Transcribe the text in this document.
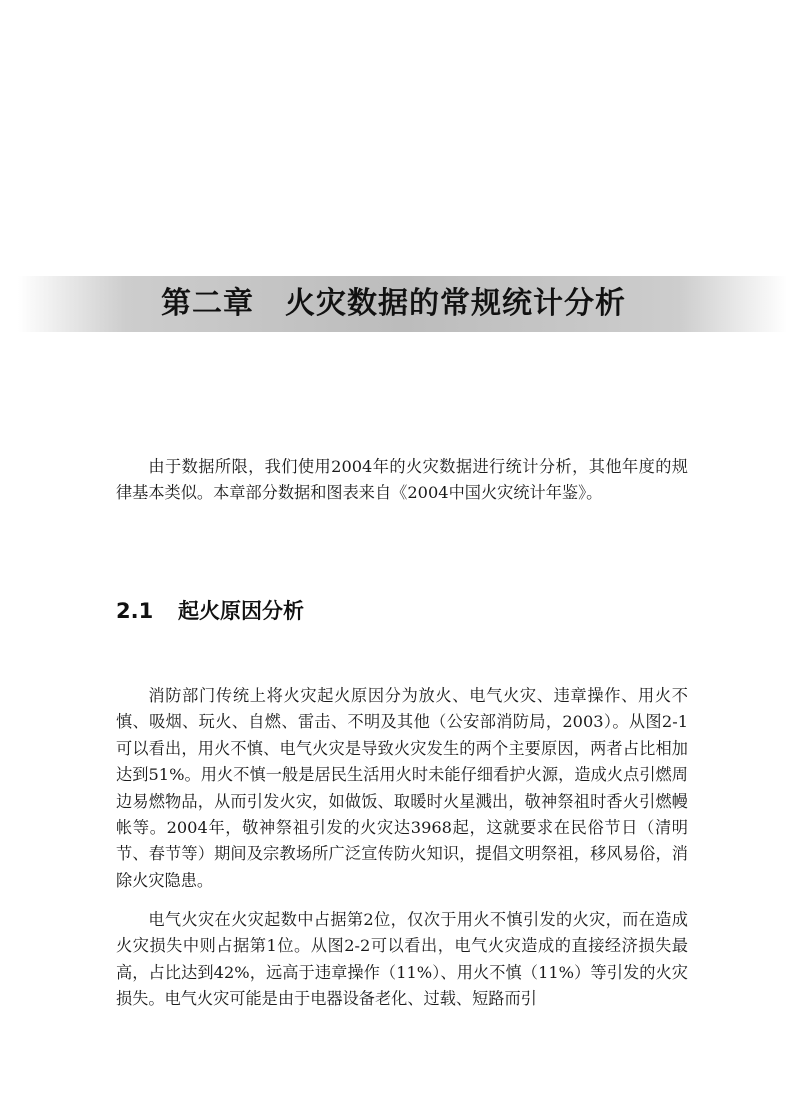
第二章　火灾数据的常规统计分析

由于数据所限，我们使用2004年的火灾数据进行统计分析，其他年度的规律基本类似。本章部分数据和图表来自《2004中国火灾统计年鉴》。

2.1 起火原因分析

消防部门传统上将火灾起火原因分为放火、电气火灾、违章操作、用火不慎、吸烟、玩火、自燃、雷击、不明及其他（公安部消防局，2003）。从图2-1可以看出，用火不慎、电气火灾是导致火灾发生的两个主要原因，两者占比相加达到51%。用火不慎一般是居民生活用火时未能仔细看护火源，造成火点引燃周边易燃物品，从而引发火灾，如做饭、取暖时火星溅出，敬神祭祖时香火引燃幔帐等。2004年，敬神祭祖引发的火灾达3968起，这就要求在民俗节日（清明节、春节等）期间及宗教场所广泛宣传防火知识，提倡文明祭祖，移风易俗，消除火灾隐患。

电气火灾在火灾起数中占据第2位，仅次于用火不慎引发的火灾，而在造成火灾损失中则占据第1位。从图2-2可以看出，电气火灾造成的直接经济损失最高，占比达到42%，远高于违章操作（11%）、用火不慎（11%）等引发的火灾损失。电气火灾可能是由于电器设备老化、过载、短路而引
